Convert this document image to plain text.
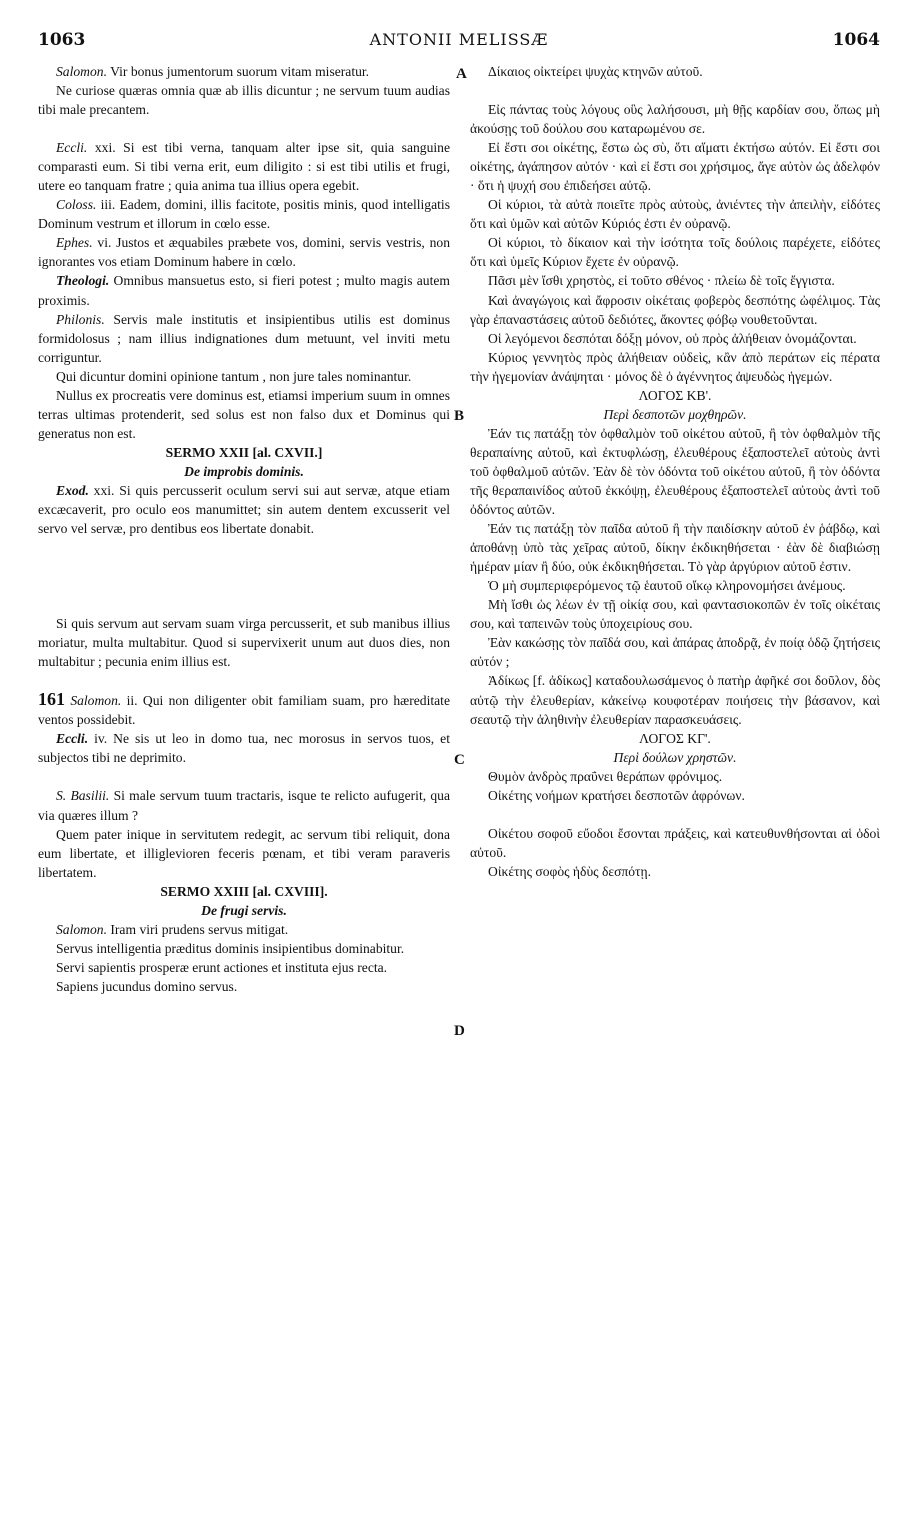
1063	ANTONII MELISSÆ	1064
A
B
C
D

Salomon. Vir bonus jumentorum suorum vitam miseratur.

Ne curiose quæras omnia quæ ab illis dicuntur ; ne servum tuum audias tibi male precantem.

Eccli. xxi. Si est tibi verna, tanquam alter ipse sit, quia sanguine comparasti eum. Si tibi verna erit, eum diligito : si est tibi utilis et frugi, utere eo tanquam fratre ; quia anima tua illius opera egebit.

Coloss. iii. Eadem, domini, illis facitote, positis minis, quod intelligatis Dominum vestrum et illorum in cœlo esse.

Ephes. vi. Justos et æquabiles præbete vos, domini, servis vestris, non ignorantes vos etiam Dominum habere in cœlo.

Theologi. Omnibus mansuetus esto, si fieri potest ; multo magis autem proximis.

Philonis. Servis male institutis et insipientibus utilis est dominus formidolosus ; nam illius indignationes dum metuunt, vel inviti metu corriguntur.

Qui dicuntur domini opinione tantum , non jure tales nominantur.

Nullus ex procreatis vere dominus est, etiamsi imperium suum in omnes terras ultimas protenderit, sed solus est non falso dux et Dominus qui generatus non est.

SERMO XXII [al. CXVII.]

De improbis dominis.

Exod. xxi. Si quis percusserit oculum servi sui aut servæ, atque etiam excæcaverit, pro oculo eos manumittet; sin autem dentem excusserit vel servo vel servæ, pro dentibus eos libertate donabit.

Si quis servum aut servam suam virga percusserit, et sub manibus illius moriatur, multa multabitur. Quod si supervixerit unum aut duos dies, non multabitur ; pecunia enim illius est.

161 Salomon. ii. Qui non diligenter obit familiam suam, pro hæreditate ventos possidebit.

Eccli. iv. Ne sis ut leo in domo tua, nec morosus in servos tuos, et subjectos tibi ne deprimito.

S. Basilii. Si male servum tuum tractaris, isque te relicto aufugerit, qua via quæres illum ?

Quem pater inique in servitutem redegit, ac servum tibi reliquit, dona eum libertate, et illiglevioren feceris pœnam, et tibi veram paraveris libertatem.

SERMO XXIII [al. CXVIII].

De frugi servis.

Salomon. Iram viri prudens servus mitigat.

Servus intelligentia præditus dominis insipientibus dominabitur.

Servi sapientis prosperæ erunt actiones et instituta ejus recta.

Sapiens jucundus domino servus.

Δίκαιος οἰκτείρει ψυχὰς κτηνῶν αὐτοῦ.

Εἰς πάντας τοὺς λόγους οὓς λαλήσουσι, μὴ θῇς καρδίαν σου, ὅπως μὴ ἀκούσῃς τοῦ δούλου σου καταρωμένου σε.

Εἰ ἔστι σοι οἰκέτης, ἔστω ὡς σὺ, ὅτι αἵματι ἐκτήσω αὐτόν. Εἰ ἔστι σοι οἰκέτης, ἀγάπησον αὐτόν · καὶ εἰ ἔστι σοι χρήσιμος, ἄγε αὐτὸν ὡς ἀδελφόν · ὅτι ἡ ψυχή σου ἐπιδεήσει αὐτῷ.

Οἱ κύριοι, τὰ αὐτὰ ποιεῖτε πρὸς αὐτοὺς, ἀνιέντες τὴν ἀπειλὴν, εἰδότες ὅτι καὶ ὑμῶν καὶ αὐτῶν Κύριός ἐστι ἐν οὐρανῷ.

Οἱ κύριοι, τὸ δίκαιον καὶ τὴν ἰσότητα τοῖς δούλοις παρέχετε, εἰδότες ὅτι καὶ ὑμεῖς Κύριον ἔχετε ἐν οὐρανῷ.

Πᾶσι μὲν ἴσθι χρηστὸς, εἰ τοῦτο σθένος · πλείω δὲ τοῖς ἔγγιστα.

Καὶ ἀναγώγοις καὶ ἄφροσιν οἰκέταις φοβερὸς δεσπότης ὠφέλιμος. Τὰς γὰρ ἐπαναστάσεις αὐτοῦ δεδιότες, ἄκοντες φόβῳ νουθετοῦνται.

Οἱ λεγόμενοι δεσπόται δόξῃ μόνον, οὐ πρὸς ἀλήθειαν ὀνομάζονται.

Κύριος γεννητὸς πρὸς ἀλήθειαν οὐδεὶς, κἂν ἀπὸ περάτων εἰς πέρατα τὴν ἡγεμονίαν ἀνάψηται · μόνος δὲ ὁ ἀγέννητος ἀψευδὼς ἡγεμών.

ΛΟΓΟΣ ΚΒ'.

Περὶ δεσποτῶν μοχθηρῶν.

Ἐάν τις πατάξῃ τὸν ὀφθαλμὸν τοῦ οἰκέτου αὐτοῦ, ἢ τὸν ὀφθαλμὸν τῆς θεραπαίνης αὐτοῦ, καὶ ἐκτυφλώσῃ, ἐλευθέρους ἐξαποστελεῖ αὐτοὺς ἀντὶ τοῦ ὀφθαλμοῦ αὐτῶν. Ἐὰν δὲ τὸν ὀδόντα τοῦ οἰκέτου αὐτοῦ, ἢ τὸν ὀδόντα τῆς θεραπαινίδος αὐτοῦ ἐκκόψῃ, ἐλευθέρους ἐξαποστελεῖ αὐτοὺς ἀντὶ τοῦ ὀδόντος αὐτῶν.

Ἐάν τις πατάξῃ τὸν παῖδα αὐτοῦ ἢ τὴν παιδίσκην αὐτοῦ ἐν ῥάβδῳ, καὶ ἀποθάνῃ ὑπὸ τὰς χεῖρας αὐτοῦ, δίκην ἐκδικηθήσεται · ἐὰν δὲ διαβιώσῃ ἡμέραν μίαν ἢ δύο, οὐκ ἐκδικηθήσεται. Τὸ γὰρ ἀργύριον αὐτοῦ ἐστιν.

Ὁ μὴ συμπεριφερόμενος τῷ ἑαυτοῦ οἴκῳ κληρονομήσει ἀνέμους.

Μὴ ἴσθι ὡς λέων ἐν τῇ οἰκίᾳ σου, καὶ φαντασιοκοπῶν ἐν τοῖς οἰκέταις σου, καὶ ταπεινῶν τοὺς ὑποχειρίους σου.

Ἐὰν κακώσῃς τὸν παῖδά σου, καὶ ἀπάρας ἀποδρᾷ, ἐν ποίᾳ ὁδῷ ζητήσεις αὐτόν ;

Ἀδίκως [f. ἀδίκως] καταδουλωσάμενος ὁ πατὴρ ἀφῆκέ σοι δοῦλον, δὸς αὐτῷ τὴν ἐλευθερίαν, κἀκείνῳ κουφοτέραν ποιήσεις τὴν βάσανον, καὶ σεαυτῷ τὴν ἀληθινὴν ἐλευθερίαν παρασκευάσεις.

ΛΟΓΟΣ ΚΓ'.

Περὶ δούλων χρηστῶν.

Θυμὸν ἀνδρὸς πραΰνει θεράπων φρόνιμος.

Οἰκέτης νοήμων κρατήσει δεσποτῶν ἀφρόνων.

Οἰκέτου σοφοῦ εὔοδοι ἔσονται πράξεις, καὶ κατευθυνθήσονται αἱ ὁδοὶ αὐτοῦ.

Οἰκέτης σοφὸς ἡδὺς δεσπότῃ.
